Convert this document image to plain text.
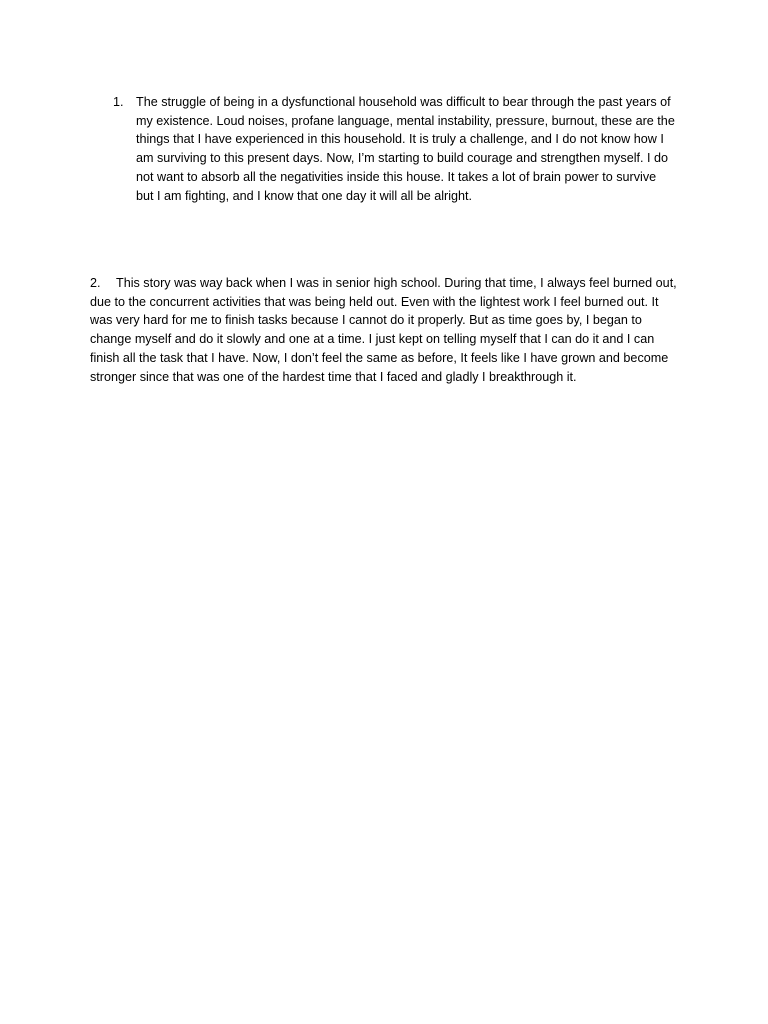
1. The struggle of being in a dysfunctional household was difficult to bear through the past years of
my existence. Loud noises, profane language, mental instability, pressure, burnout, these are the
things that I have experienced in this household. It is truly a challenge, and I do not know how I
am surviving to this present days. Now, I’m starting to build courage and strengthen myself. I do
not want to absorb all the negativities inside this house. It takes a lot of brain power to survive
but I am fighting, and I know that one day it will all be alright.
2. This story was way back when I was in senior high school. During that time, I always feel burned out,
due to the concurrent activities that was being held out. Even with the lightest work I feel burned out. It
was very hard for me to finish tasks because I cannot do it properly. But as time goes by, I began to
change myself and do it slowly and one at a time. I just kept on telling myself that I can do it and I can
finish all the task that I have. Now, I don’t feel the same as before, It feels like I have grown and become
stronger since that was one of the hardest time that I faced and gladly I breakthrough it.
